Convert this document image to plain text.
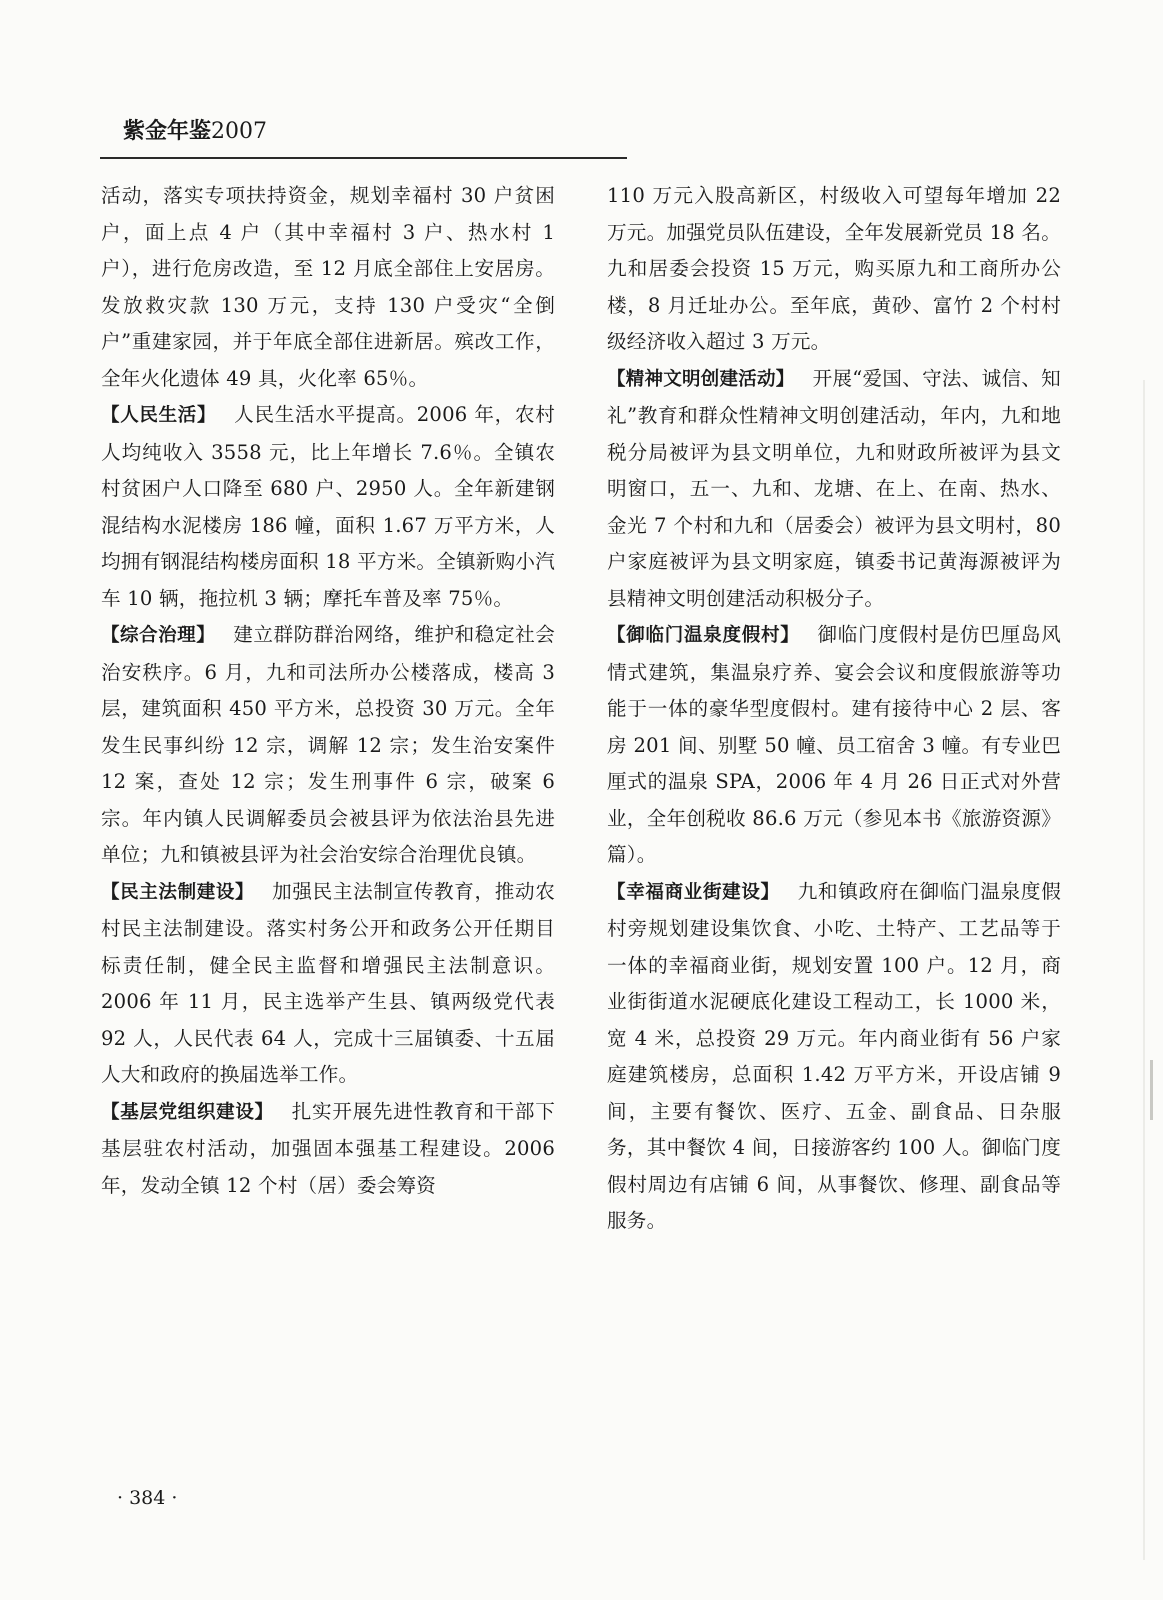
紫金年鉴2007

活动，落实专项扶持资金，规划幸福村 30 户贫困户，面上点 4 户（其中幸福村 3 户、热水村 1 户），进行危房改造，至 12 月底全部住上安居房。发放救灾款 130 万元，支持 130 户受灾“全倒户”重建家园，并于年底全部住进新居。殡改工作，全年火化遗体 49 具，火化率 65％。

【人民生活】 人民生活水平提高。2006 年，农村人均纯收入 3558 元，比上年增长 7.6％。全镇农村贫困户人口降至 680 户、2950 人。全年新建钢混结构水泥楼房 186 幢，面积 1.67 万平方米，人均拥有钢混结构楼房面积 18 平方米。全镇新购小汽车 10 辆，拖拉机 3 辆；摩托车普及率 75％。

【综合治理】 建立群防群治网络，维护和稳定社会治安秩序。6 月，九和司法所办公楼落成，楼高 3 层，建筑面积 450 平方米，总投资 30 万元。全年发生民事纠纷 12 宗，调解 12 宗；发生治安案件 12 案，查处 12 宗；发生刑事件 6 宗，破案 6 宗。年内镇人民调解委员会被县评为依法治县先进单位；九和镇被县评为社会治安综合治理优良镇。

【民主法制建设】 加强民主法制宣传教育，推动农村民主法制建设。落实村务公开和政务公开任期目标责任制，健全民主监督和增强民主法制意识。2006 年 11 月，民主选举产生县、镇两级党代表 92 人，人民代表 64 人，完成十三届镇委、十五届人大和政府的换届选举工作。

【基层党组织建设】 扎实开展先进性教育和干部下基层驻农村活动，加强固本强基工程建设。2006 年，发动全镇 12 个村（居）委会筹资

110 万元入股高新区，村级收入可望每年增加 22 万元。加强党员队伍建设，全年发展新党员 18 名。九和居委会投资 15 万元，购买原九和工商所办公楼，8 月迁址办公。至年底，黄砂、富竹 2 个村村级经济收入超过 3 万元。

【精神文明创建活动】 开展“爱国、守法、诚信、知礼”教育和群众性精神文明创建活动，年内，九和地税分局被评为县文明单位，九和财政所被评为县文明窗口，五一、九和、龙塘、在上、在南、热水、金光 7 个村和九和（居委会）被评为县文明村，80 户家庭被评为县文明家庭，镇委书记黄海源被评为县精神文明创建活动积极分子。

【御临门温泉度假村】 御临门度假村是仿巴厘岛风情式建筑，集温泉疗养、宴会会议和度假旅游等功能于一体的豪华型度假村。建有接待中心 2 层、客房 201 间、别墅 50 幢、员工宿舍 3 幢。有专业巴厘式的温泉 SPA，2006 年 4 月 26 日正式对外营业，全年创税收 86.6 万元（参见本书《旅游资源》篇）。

【幸福商业街建设】 九和镇政府在御临门温泉度假村旁规划建设集饮食、小吃、土特产、工艺品等于一体的幸福商业街，规划安置 100 户。12 月，商业街街道水泥硬底化建设工程动工，长 1000 米，宽 4 米，总投资 29 万元。年内商业街有 56 户家庭建筑楼房，总面积 1.42 万平方米，开设店铺 9 间，主要有餐饮、医疗、五金、副食品、日杂服务，其中餐饮 4 间，日接游客约 100 人。御临门度假村周边有店铺 6 间，从事餐饮、修理、副食品等服务。

· 384 ·
